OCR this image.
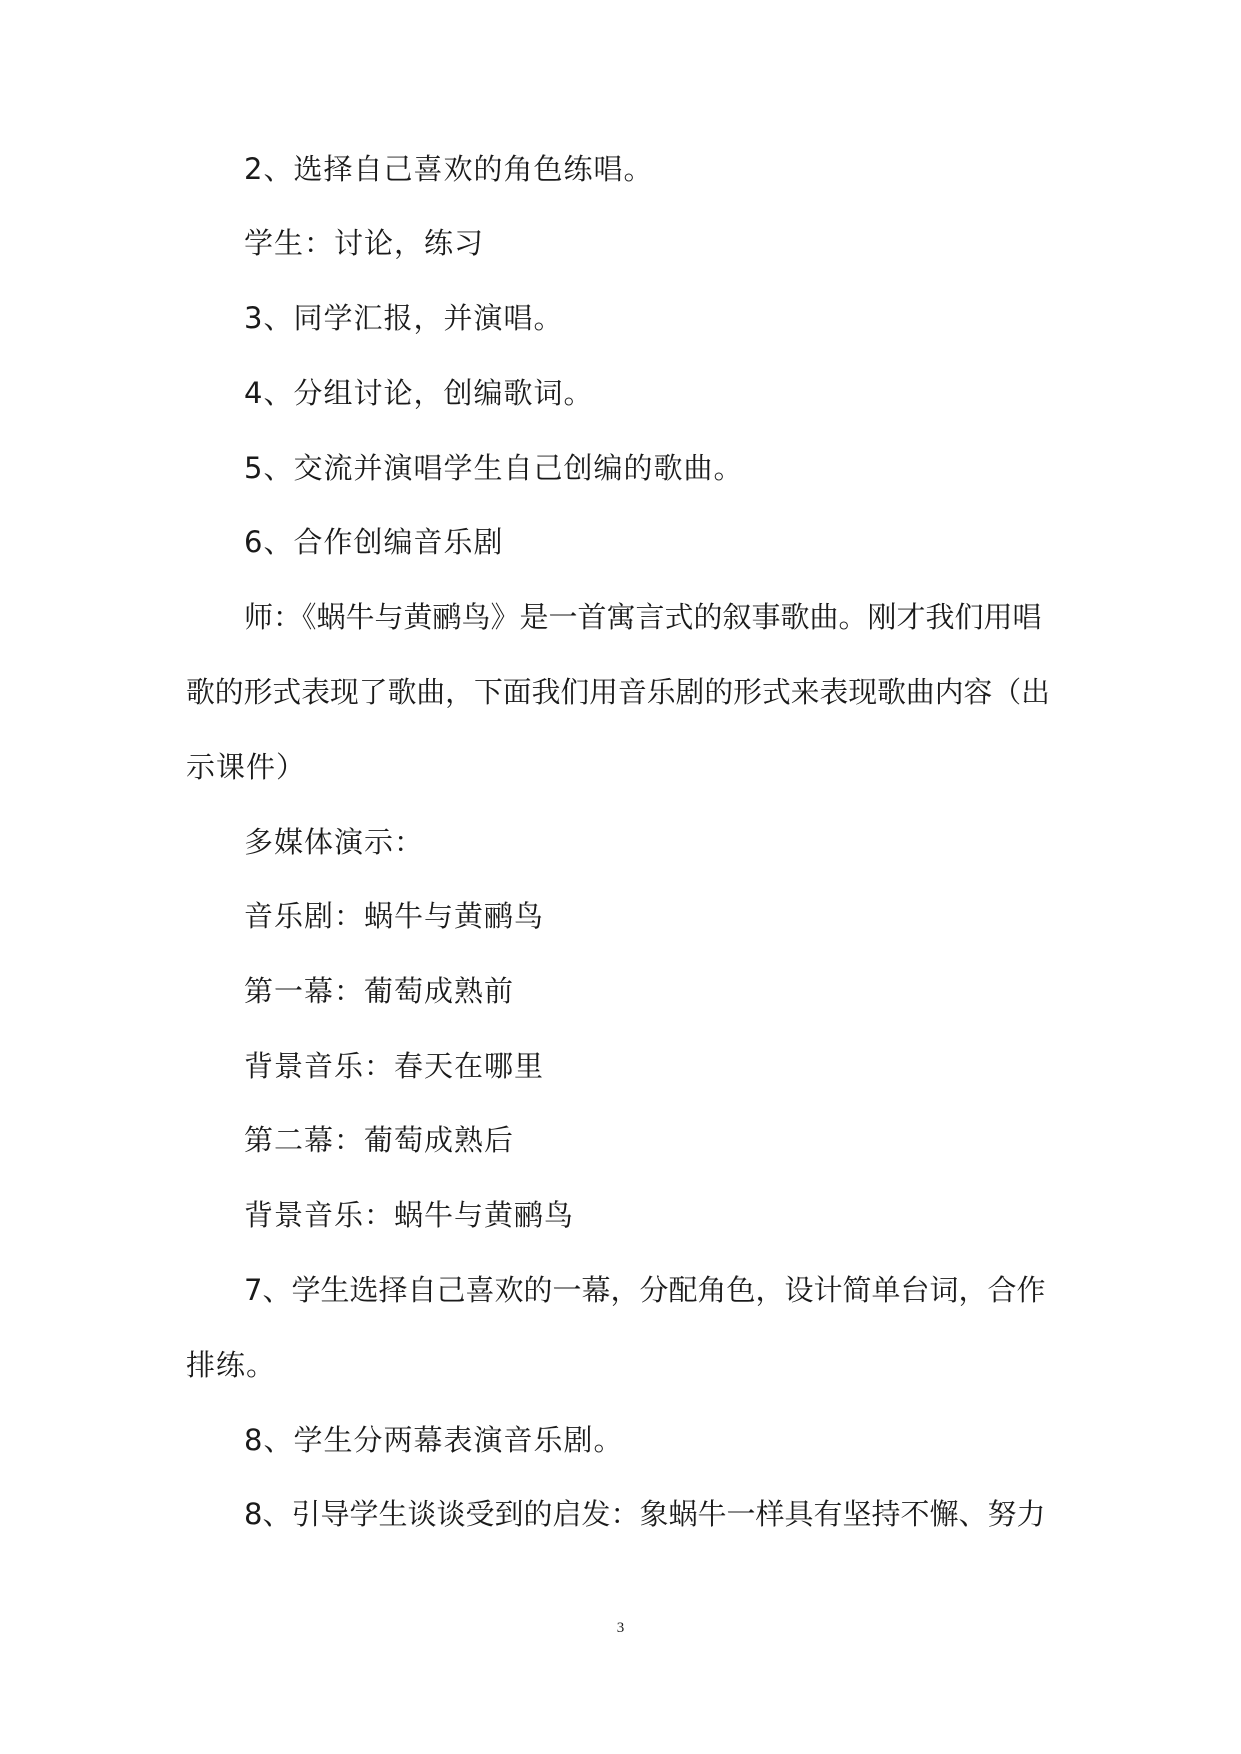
2、选择自己喜欢的角色练唱。
学生：讨论，练习
3、同学汇报，并演唱。
4、分组讨论，创编歌词。
5、交流并演唱学生自己创编的歌曲。
6、合作创编音乐剧
师：《蜗牛与黄鹂鸟》是一首寓言式的叙事歌曲。刚才我们用唱
歌的形式表现了歌曲，下面我们用音乐剧的形式来表现歌曲内容（出
示课件）
多媒体演示：
音乐剧：蜗牛与黄鹂鸟
第一幕：葡萄成熟前
背景音乐：春天在哪里
第二幕：葡萄成熟后
背景音乐：蜗牛与黄鹂鸟
7、学生选择自己喜欢的一幕，分配角色，设计简单台词，合作
排练。
8、学生分两幕表演音乐剧。
8、引导学生谈谈受到的启发：象蜗牛一样具有坚持不懈、努力
3
